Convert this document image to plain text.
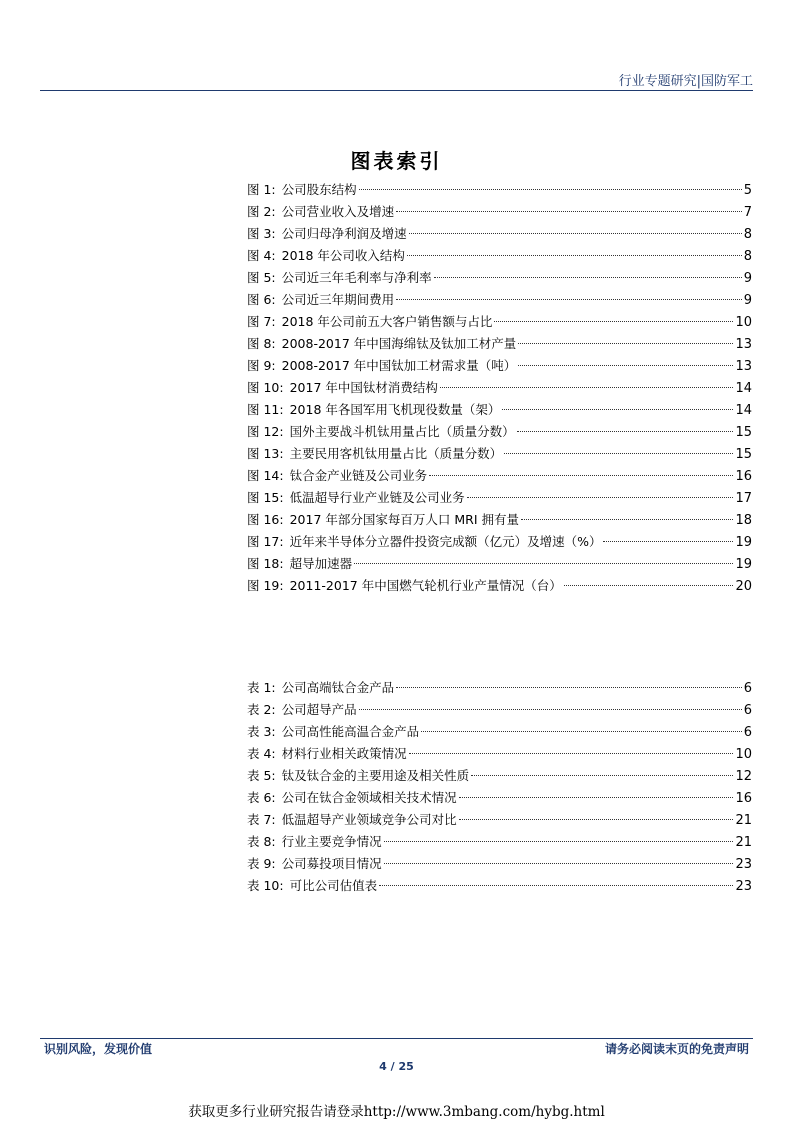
行业专题研究|国防军工
图表索引
图 1: 公司股东结构	5
图 2: 公司营业收入及增速	7
图 3: 公司归母净利润及增速	8
图 4: 2018 年公司收入结构	8
图 5: 公司近三年毛利率与净利率	9
图 6: 公司近三年期间费用	9
图 7: 2018 年公司前五大客户销售额与占比	10
图 8: 2008-2017 年中国海绵钛及钛加工材产量	13
图 9: 2008-2017 年中国钛加工材需求量（吨）	13
图 10: 2017 年中国钛材消费结构	14
图 11: 2018 年各国军用飞机现役数量（架）	14
图 12: 国外主要战斗机钛用量占比（质量分数）	15
图 13: 主要民用客机钛用量占比（质量分数）	15
图 14: 钛合金产业链及公司业务	16
图 15: 低温超导行业产业链及公司业务	17
图 16: 2017 年部分国家每百万人口 MRI 拥有量	18
图 17: 近年来半导体分立器件投资完成额（亿元）及增速（%）	19
图 18: 超导加速器	19
图 19: 2011-2017 年中国燃气轮机行业产量情况（台）	20
表 1: 公司高端钛合金产品	6
表 2: 公司超导产品	6
表 3: 公司高性能高温合金产品	6
表 4: 材料行业相关政策情况	10
表 5: 钛及钛合金的主要用途及相关性质	12
表 6: 公司在钛合金领域相关技术情况	16
表 7: 低温超导产业领域竞争公司对比	21
表 8: 行业主要竞争情况	21
表 9: 公司募投项目情况	23
表 10: 可比公司估值表	23
识别风险，发现价值	请务必阅读末页的免责声明
4 / 25
获取更多行业研究报告请登录http://www.3mbang.com/hybg.html
